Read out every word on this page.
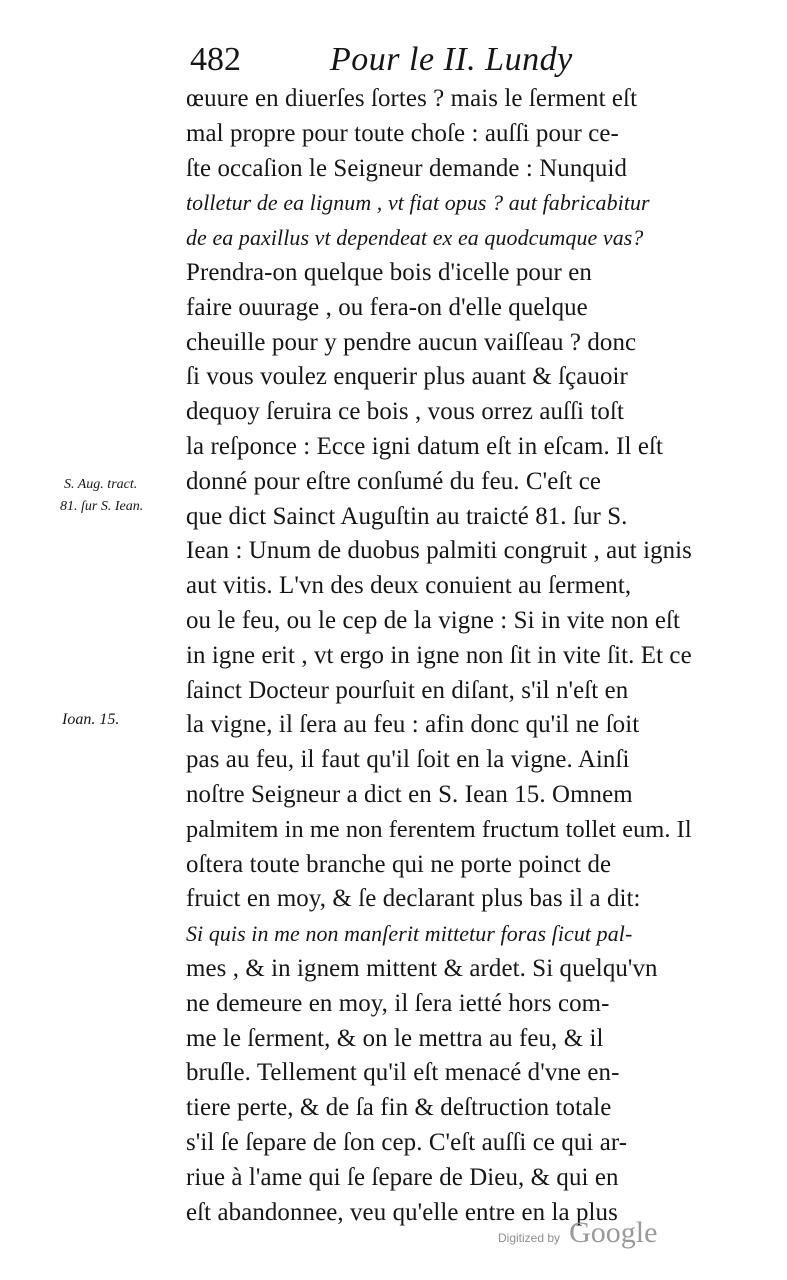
482	Pour le II. Lundy
œuure en diuerſes ſortes ? mais le ſerment eſt
mal propre pour toute choſe : auſſi pour ce-
ſte occaſion le Seigneur demande : Nunquid
tolletur de ea lignum , vt fiat opus ? aut fabricabitur
de ea paxillus vt dependeat ex ea quodcumque vas?
Prendra-on quelque bois d'icelle pour en
faire ouurage , ou fera-on d'elle quelque
cheuille pour y pendre aucun vaiſſeau ? donc
ſi vous voulez enquerir plus auant & ſçauoir
dequoy ſeruira ce bois , vous orrez auſſi toſt
la reſponce : Ecce igni datum eſt in eſcam. Il eſt
donné pour eſtre conſumé du feu. C'eſt ce
que dict Sainct Auguſtin au traicté 81. ſur S.
Iean : Unum de duobus palmiti congruit , aut ignis
aut vitis. L'vn des deux conuient au ſerment,
ou le feu, ou le cep de la vigne : Si in vite non eſt
in igne erit , vt ergo in igne non ſit in vite ſit. Et ce
ſainct Docteur pourſuit en diſant, s'il n'eſt en
la vigne, il ſera au feu : afin donc qu'il ne ſoit
pas au feu, il faut qu'il ſoit en la vigne. Ainſi
noſtre Seigneur a dict en S. Iean 15. Omnem
palmitem in me non ferentem fructum tollet eum. Il
oſtera toute branche qui ne porte poinct de
fruict en moy, & ſe declarant plus bas il a dit:
Si quis in me non manſerit mittetur foras ſicut pal-
mes , & in ignem mittent & ardet. Si quelqu'vn
ne demeure en moy, il ſera ietté hors com-
me le ſerment, & on le mettra au feu, & il
bruſle. Tellement qu'il eſt menacé d'vne en-
tiere perte, & de ſa fin & deſtruction totale
s'il ſe ſepare de ſon cep. C'eſt auſſi ce qui ar-
riue à l'ame qui ſe ſepare de Dieu, & qui en
eſt abandonnee, veu qu'elle entre en la plus
S. Aug. tract.
81. ſur S. Iean.
Ioan. 15.
Digitized by Google
